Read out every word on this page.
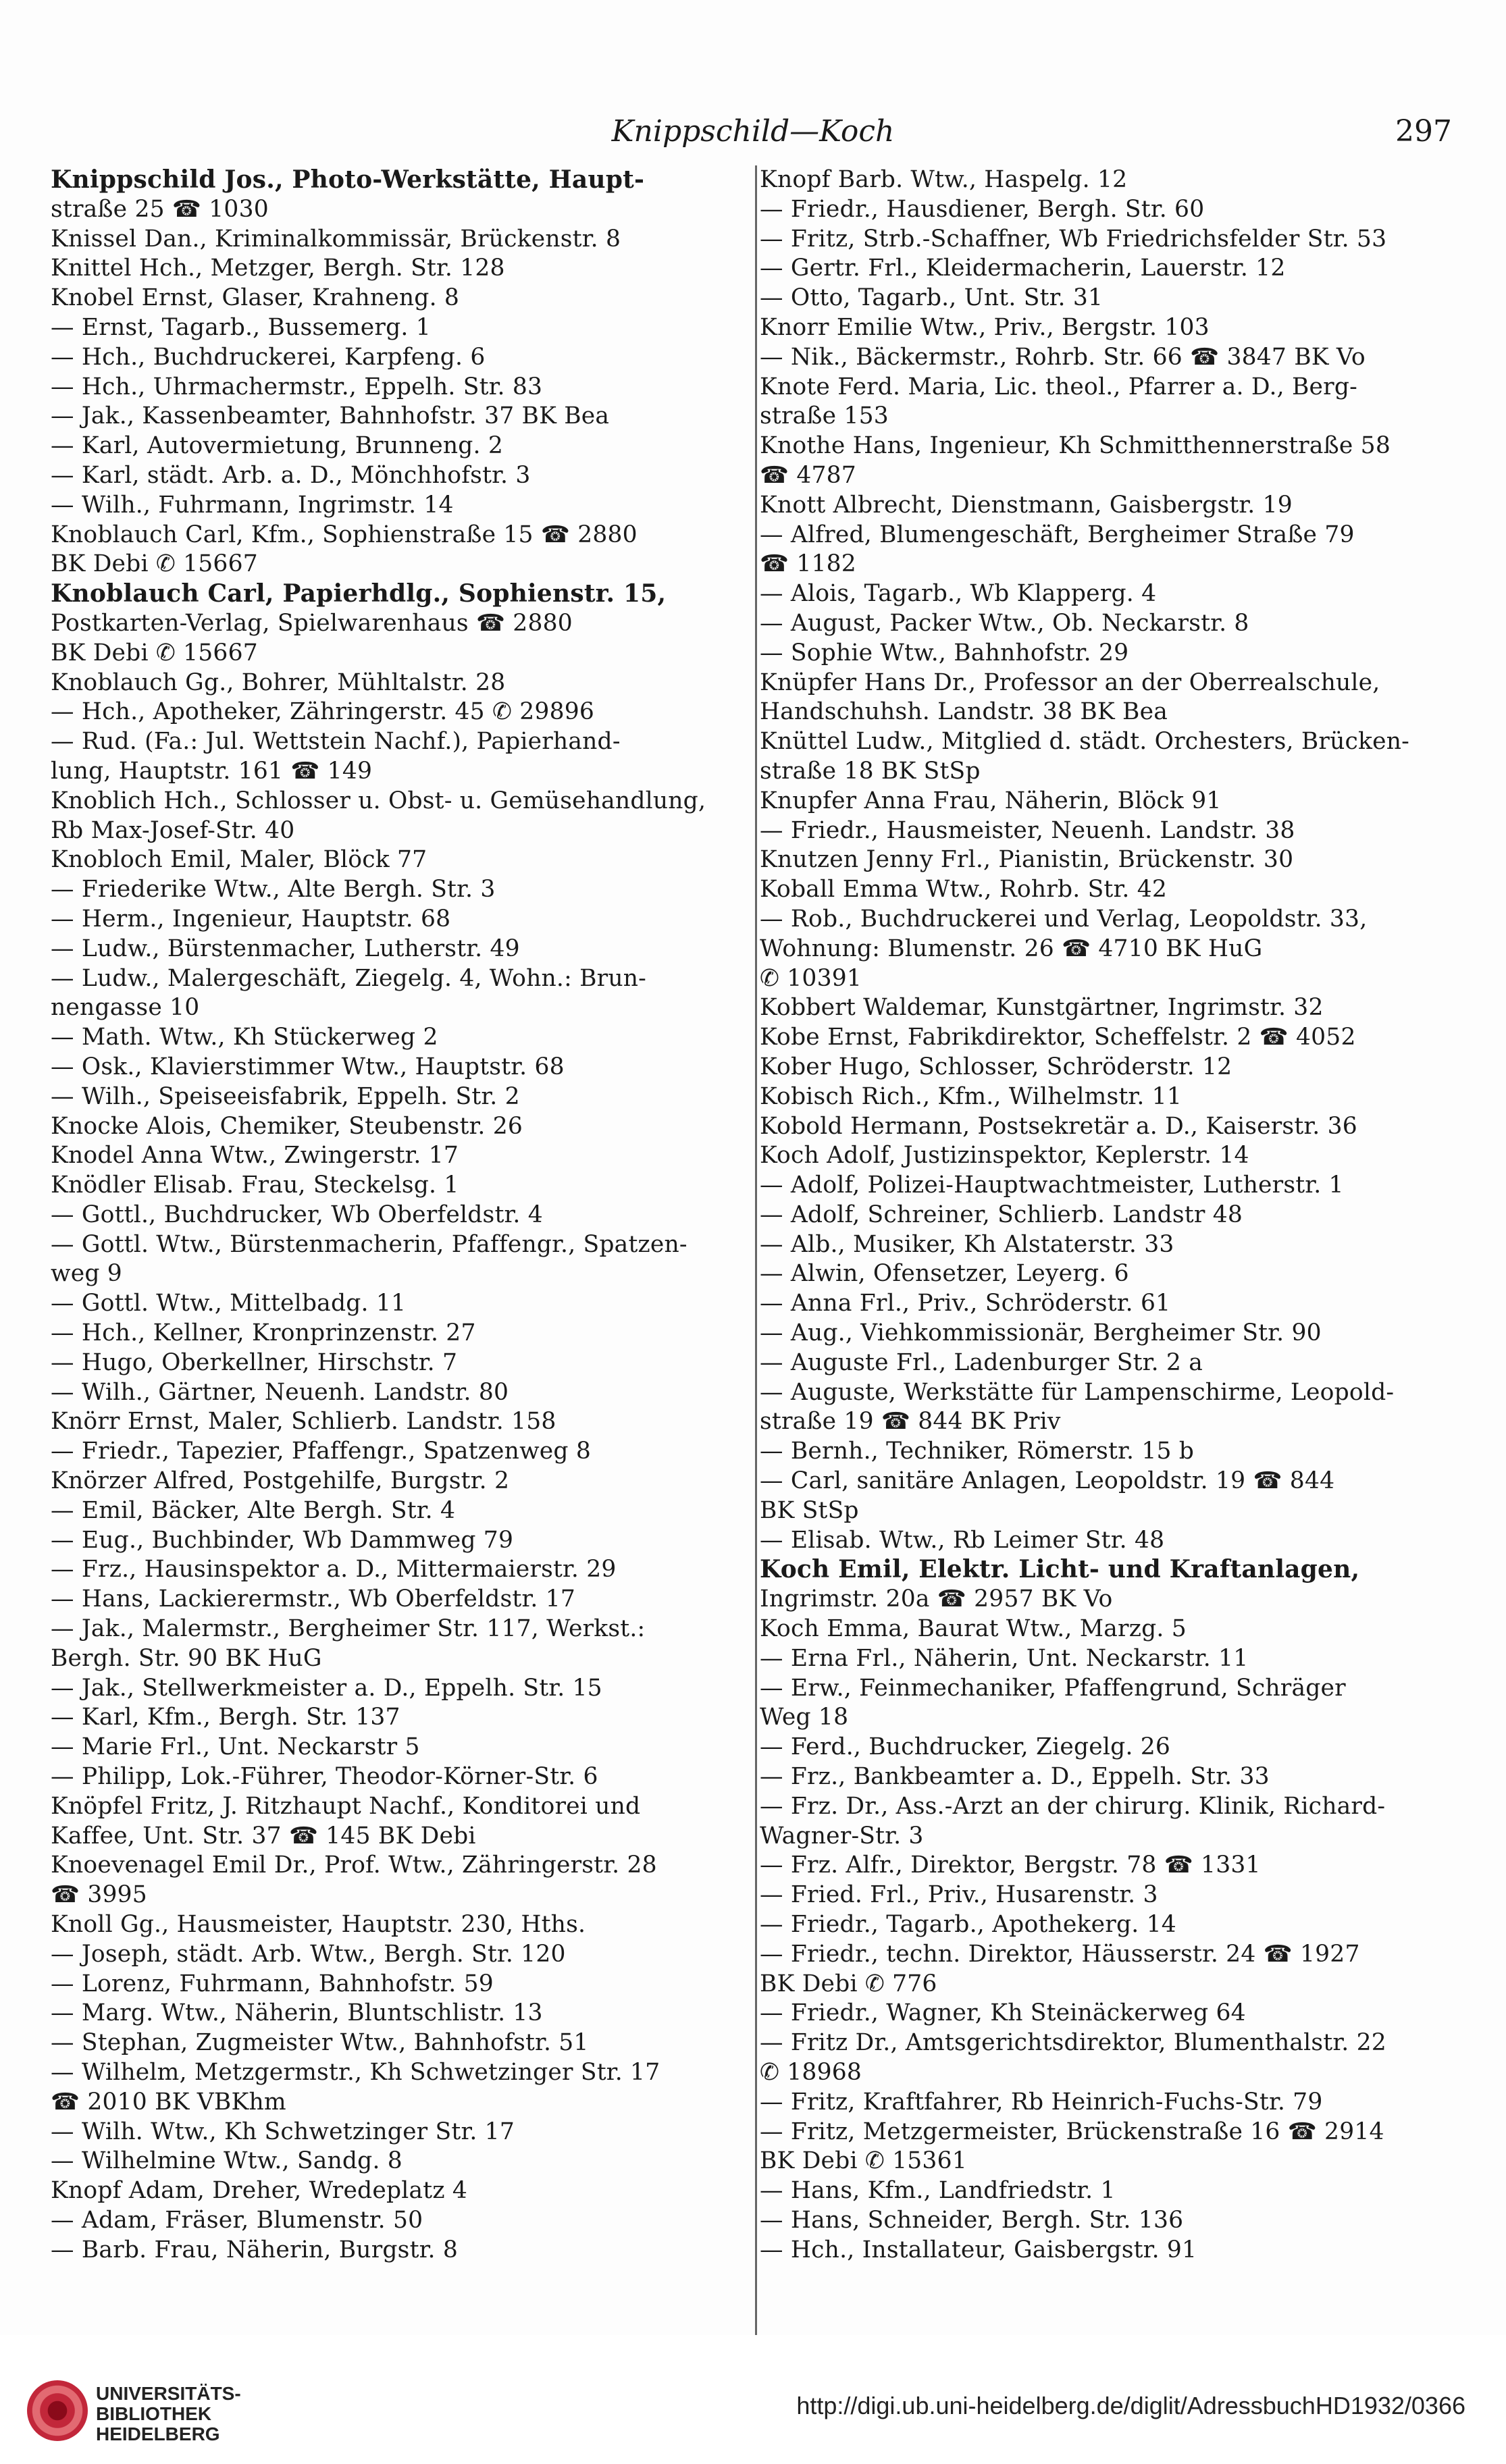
Knippschild—Koch	297
Knippschild Jos., Photo-Werkstätte, Haupt-
straße 25 ☎ 1030
Knissel Dan., Kriminalkommissär, Brückenstr. 8
Knittel Hch., Metzger, Bergh. Str. 128
Knobel Ernst, Glaser, Krahneng. 8
— Ernst, Tagarb., Bussemerg. 1
— Hch., Buchdruckerei, Karpfeng. 6
— Hch., Uhrmachermstr., Eppelh. Str. 83
— Jak., Kassenbeamter, Bahnhofstr. 37 BK Bea
— Karl, Autovermietung, Brunneng. 2
— Karl, städt. Arb. a. D., Mönchhofstr. 3
— Wilh., Fuhrmann, Ingrimstr. 14
Knoblauch Carl, Kfm., Sophienstraße 15 ☎ 2880
BK Debi ✆ 15667
Knoblauch Carl, Papierhdlg., Sophienstr. 15,
Postkarten-Verlag, Spielwarenhaus ☎ 2880
BK Debi ✆ 15667
Knoblauch Gg., Bohrer, Mühltalstr. 28
— Hch., Apotheker, Zähringerstr. 45 ✆ 29896
— Rud. (Fa.: Jul. Wettstein Nachf.), Papierhand-
lung, Hauptstr. 161 ☎ 149
Knoblich Hch., Schlosser u. Obst- u. Gemüsehandlung,
Rb Max-Josef-Str. 40
Knobloch Emil, Maler, Blöck 77
— Friederike Wtw., Alte Bergh. Str. 3
— Herm., Ingenieur, Hauptstr. 68
— Ludw., Bürstenmacher, Lutherstr. 49
— Ludw., Malergeschäft, Ziegelg. 4, Wohn.: Brun-
nengasse 10
— Math. Wtw., Kh Stückerweg 2
— Osk., Klavierstimmer Wtw., Hauptstr. 68
— Wilh., Speiseeisfabrik, Eppelh. Str. 2
Knocke Alois, Chemiker, Steubenstr. 26
Knodel Anna Wtw., Zwingerstr. 17
Knödler Elisab. Frau, Steckelsg. 1
— Gottl., Buchdrucker, Wb Oberfeldstr. 4
— Gottl. Wtw., Bürstenmacherin, Pfaffengr., Spatzen-
weg 9
— Gottl. Wtw., Mittelbadg. 11
— Hch., Kellner, Kronprinzenstr. 27
— Hugo, Oberkellner, Hirschstr. 7
— Wilh., Gärtner, Neuenh. Landstr. 80
Knörr Ernst, Maler, Schlierb. Landstr. 158
— Friedr., Tapezier, Pfaffengr., Spatzenweg 8
Knörzer Alfred, Postgehilfe, Burgstr. 2
— Emil, Bäcker, Alte Bergh. Str. 4
— Eug., Buchbinder, Wb Dammweg 79
— Frz., Hausinspektor a. D., Mittermaierstr. 29
— Hans, Lackierermstr., Wb Oberfeldstr. 17
— Jak., Malermstr., Bergheimer Str. 117, Werkst.:
Bergh. Str. 90 BK HuG
— Jak., Stellwerkmeister a. D., Eppelh. Str. 15
— Karl, Kfm., Bergh. Str. 137
— Marie Frl., Unt. Neckarstr 5
— Philipp, Lok.-Führer, Theodor-Körner-Str. 6
Knöpfel Fritz, J. Ritzhaupt Nachf., Konditorei und
Kaffee, Unt. Str. 37 ☎ 145 BK Debi
Knoevenagel Emil Dr., Prof. Wtw., Zähringerstr. 28
☎ 3995
Knoll Gg., Hausmeister, Hauptstr. 230, Hths.
— Joseph, städt. Arb. Wtw., Bergh. Str. 120
— Lorenz, Fuhrmann, Bahnhofstr. 59
— Marg. Wtw., Näherin, Bluntschlistr. 13
— Stephan, Zugmeister Wtw., Bahnhofstr. 51
— Wilhelm, Metzgermstr., Kh Schwetzinger Str. 17
☎ 2010 BK VBKhm
— Wilh. Wtw., Kh Schwetzinger Str. 17
— Wilhelmine Wtw., Sandg. 8
Knopf Adam, Dreher, Wredeplatz 4
— Adam, Fräser, Blumenstr. 50
— Barb. Frau, Näherin, Burgstr. 8
Knopf Barb. Wtw., Haspelg. 12
— Friedr., Hausdiener, Bergh. Str. 60
— Fritz, Strb.-Schaffner, Wb Friedrichsfelder Str. 53
— Gertr. Frl., Kleidermacherin, Lauerstr. 12
— Otto, Tagarb., Unt. Str. 31
Knorr Emilie Wtw., Priv., Bergstr. 103
— Nik., Bäckermstr., Rohrb. Str. 66 ☎ 3847 BK Vo
Knote Ferd. Maria, Lic. theol., Pfarrer a. D., Berg-
straße 153
Knothe Hans, Ingenieur, Kh Schmitthennerstraße 58
☎ 4787
Knott Albrecht, Dienstmann, Gaisbergstr. 19
— Alfred, Blumengeschäft, Bergheimer Straße 79
☎ 1182
— Alois, Tagarb., Wb Klapperg. 4
— August, Packer Wtw., Ob. Neckarstr. 8
— Sophie Wtw., Bahnhofstr. 29
Knüpfer Hans Dr., Professor an der Oberrealschule,
Handschuhsh. Landstr. 38 BK Bea
Knüttel Ludw., Mitglied d. städt. Orchesters, Brücken-
straße 18 BK StSp
Knupfer Anna Frau, Näherin, Blöck 91
— Friedr., Hausmeister, Neuenh. Landstr. 38
Knutzen Jenny Frl., Pianistin, Brückenstr. 30
Koball Emma Wtw., Rohrb. Str. 42
— Rob., Buchdruckerei und Verlag, Leopoldstr. 33,
Wohnung: Blumenstr. 26 ☎ 4710 BK HuG
✆ 10391
Kobbert Waldemar, Kunstgärtner, Ingrimstr. 32
Kobe Ernst, Fabrikdirektor, Scheffelstr. 2 ☎ 4052
Kober Hugo, Schlosser, Schröderstr. 12
Kobisch Rich., Kfm., Wilhelmstr. 11
Kobold Hermann, Postsekretär a. D., Kaiserstr. 36
Koch Adolf, Justizinspektor, Keplerstr. 14
— Adolf, Polizei-Hauptwachtmeister, Lutherstr. 1
— Adolf, Schreiner, Schlierb. Landstr 48
— Alb., Musiker, Kh Alstaterstr. 33
— Alwin, Ofensetzer, Leyerg. 6
— Anna Frl., Priv., Schröderstr. 61
— Aug., Viehkommissionär, Bergheimer Str. 90
— Auguste Frl., Ladenburger Str. 2 a
— Auguste, Werkstätte für Lampenschirme, Leopold-
straße 19 ☎ 844 BK Priv
— Bernh., Techniker, Römerstr. 15 b
— Carl, sanitäre Anlagen, Leopoldstr. 19 ☎ 844
BK StSp
— Elisab. Wtw., Rb Leimer Str. 48
Koch Emil, Elektr. Licht- und Kraftanlagen,
Ingrimstr. 20a ☎ 2957 BK Vo
Koch Emma, Baurat Wtw., Marzg. 5
— Erna Frl., Näherin, Unt. Neckarstr. 11
— Erw., Feinmechaniker, Pfaffengrund, Schräger
Weg 18
— Ferd., Buchdrucker, Ziegelg. 26
— Frz., Bankbeamter a. D., Eppelh. Str. 33
— Frz. Dr., Ass.-Arzt an der chirurg. Klinik, Richard-
Wagner-Str. 3
— Frz. Alfr., Direktor, Bergstr. 78 ☎ 1331
— Fried. Frl., Priv., Husarenstr. 3
— Friedr., Tagarb., Apothekerg. 14
— Friedr., techn. Direktor, Häusserstr. 24 ☎ 1927
BK Debi ✆ 776
— Friedr., Wagner, Kh Steinäckerweg 64
— Fritz Dr., Amtsgerichtsdirektor, Blumenthalstr. 22
✆ 18968
— Fritz, Kraftfahrer, Rb Heinrich-Fuchs-Str. 79
— Fritz, Metzgermeister, Brückenstraße 16 ☎ 2914
BK Debi ✆ 15361
— Hans, Kfm., Landfriedstr. 1
— Hans, Schneider, Bergh. Str. 136
— Hch., Installateur, Gaisbergstr. 91
UNIVERSITÄTS-
BIBLIOTHEK
HEIDELBERG
http://digi.ub.uni-heidelberg.de/diglit/AdressbuchHD1932/0366
